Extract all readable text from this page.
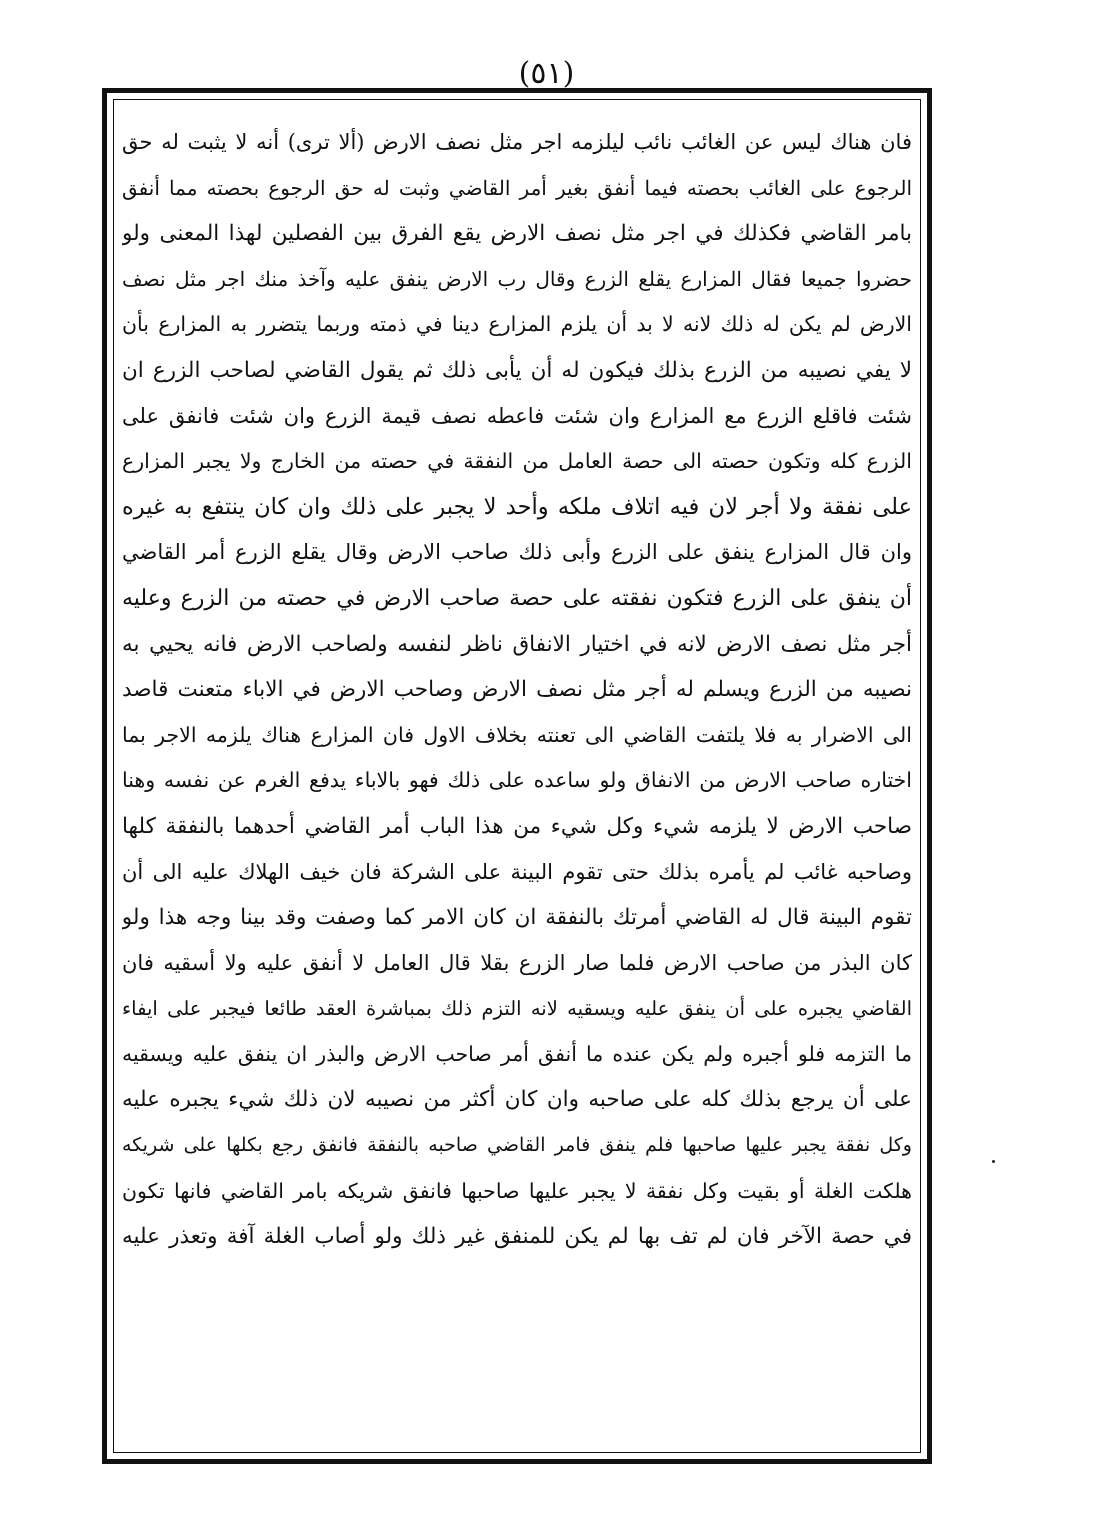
(٥١)
فان هناك ليس عن الغائب نائب ليلزمه اجر مثل نصف الارض (ألا ترى) أنه لا يثبت له حق
الرجوع على الغائب بحصته فيما أنفق بغير أمر القاضي وثبت له حق الرجوع بحصته مما أنفق
بامر القاضي فكذلك في اجر مثل نصف الارض يقع الفرق بين الفصلين لهذا المعنى ولو
حضروا جميعا فقال المزارع يقلع الزرع وقال رب الارض ينفق عليه وآخذ منك اجر مثل نصف
الارض لم يكن له ذلك لانه لا بد أن يلزم المزارع دينا في ذمته وربما يتضرر به المزارع بأن
لا يفي نصيبه من الزرع بذلك فيكون له أن يأبى ذلك ثم يقول القاضي لصاحب الزرع ان
شئت فاقلع الزرع مع المزارع وان شئت فاعطه نصف قيمة الزرع وان شئت فانفق على
الزرع كله وتكون حصته الى حصة العامل من النفقة في حصته من الخارج ولا يجبر المزارع
على نفقة ولا أجر لان فيه اتلاف ملكه وأحد لا يجبر على ذلك وان كان ينتفع به غيره
وان قال المزارع ينفق على الزرع وأبى ذلك صاحب الارض وقال يقلع الزرع أمر القاضي
أن ينفق على الزرع فتكون نفقته على حصة صاحب الارض في حصته من الزرع وعليه
أجر مثل نصف الارض لانه في اختيار الانفاق ناظر لنفسه ولصاحب الارض فانه يحيي به
نصيبه من الزرع ويسلم له أجر مثل نصف الارض وصاحب الارض في الاباء متعنت قاصد
الى الاضرار به فلا يلتفت القاضي الى تعنته بخلاف الاول فان المزارع هناك يلزمه الاجر بما
اختاره صاحب الارض من الانفاق ولو ساعده على ذلك فهو بالاباء يدفع الغرم عن نفسه وهنا
صاحب الارض لا يلزمه شيء وكل شيء من هذا الباب أمر القاضي أحدهما بالنفقة كلها
وصاحبه غائب لم يأمره بذلك حتى تقوم البينة على الشركة فان خيف الهلاك عليه الى أن
تقوم البينة قال له القاضي أمرتك بالنفقة ان كان الامر كما وصفت وقد بينا وجه هذا ولو
كان البذر من صاحب الارض فلما صار الزرع بقلا قال العامل لا أنفق عليه ولا أسقيه فان
القاضي يجبره على أن ينفق عليه ويسقيه لانه التزم ذلك بمباشرة العقد طائعا فيجبر على ايفاء
ما التزمه فلو أجبره ولم يكن عنده ما أنفق أمر صاحب الارض والبذر ان ينفق عليه ويسقيه
على أن يرجع بذلك كله على صاحبه وان كان أكثر من نصيبه لان ذلك شيء يجبره عليه
وكل نفقة يجبر عليها صاحبها فلم ينفق فامر القاضي صاحبه بالنفقة فانفق رجع بكلها على شريكه
هلكت الغلة أو بقيت وكل نفقة لا يجبر عليها صاحبها فانفق شريكه بامر القاضي فانها تكون
في حصة الآخر فان لم تف بها لم يكن للمنفق غير ذلك ولو أصاب الغلة آفة وتعذر عليه
